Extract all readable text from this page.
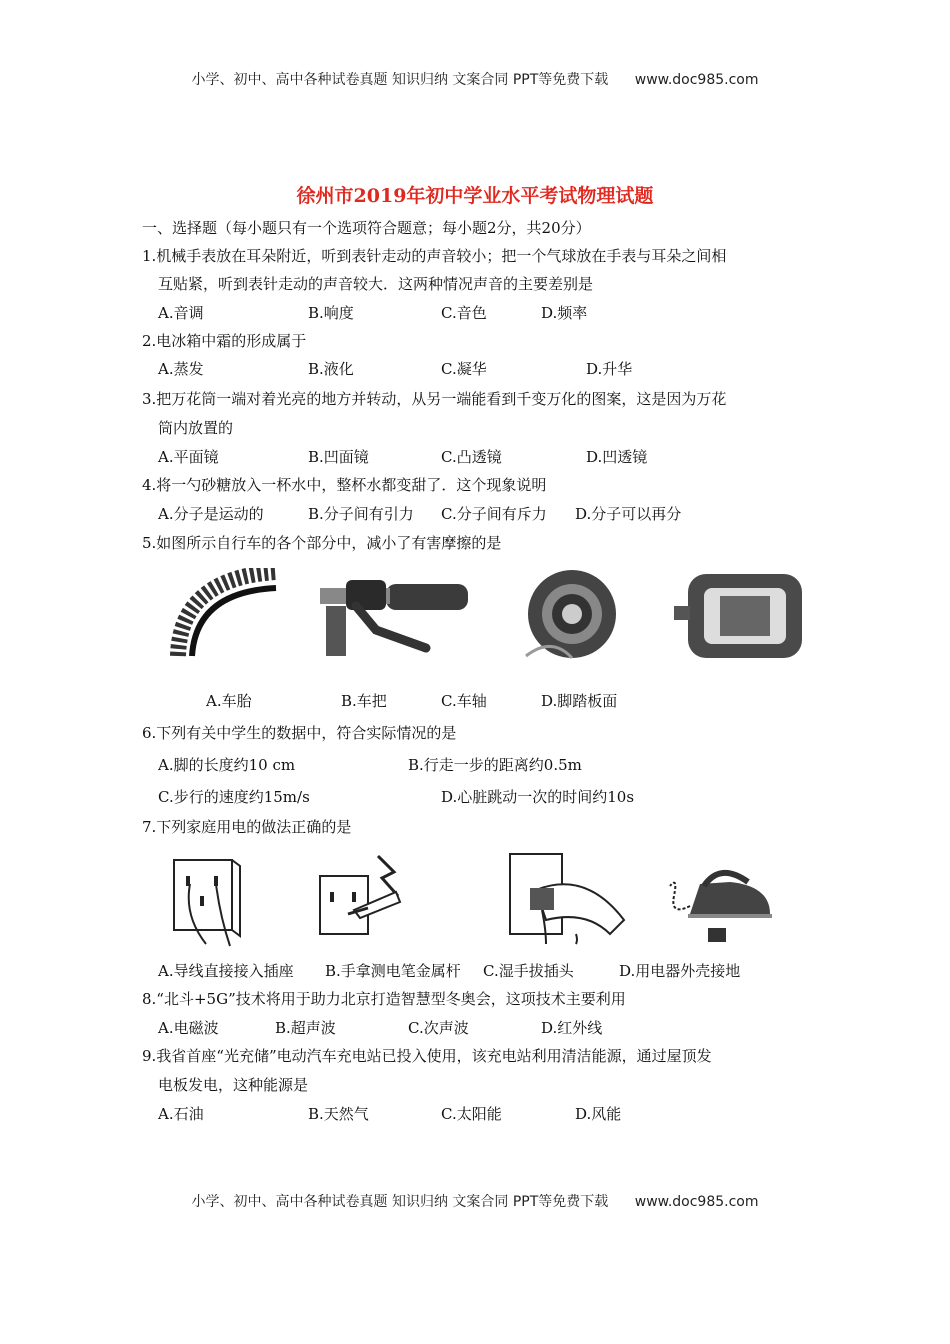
小学、初中、高中各种试卷真题 知识归纳 文案合同 PPT等免费下载 www.doc985.com
徐州市2019年初中学业水平考试物理试题
一、选择题（每小题只有一个选项符合题意；每小题2分，共20分）
1.机械手表放在耳朵附近，听到表针走动的声音较小；把一个气球放在手表与耳朵之间相
互贴紧，听到表针走动的声音较大．这两种情况声音的主要差别是
A.音调	B.响度	C.音色	D.频率
2.电冰箱中霜的形成属于
A.蒸发	B.液化	C.凝华	D.升华
3.把万花筒一端对着光亮的地方并转动，从另一端能看到千变万化的图案，这是因为万花
筒内放置的
A.平面镜	B.凹面镜	C.凸透镜	D.凹透镜
4.将一勺砂糖放入一杯水中，整杯水都变甜了．这个现象说明
A.分子是运动的	B.分子间有引力 C.分子间有斥力 D.分子可以再分
5.如图所示自行车的各个部分中，减小了有害摩擦的是
A.车胎	B.车把	C.车轴	D.脚踏板面
6.下列有关中学生的数据中，符合实际情况的是
A.脚的长度约10 cm	B.行走一步的距离约0.5m
C.步行的速度约15m/s	D.心脏跳动一次的时间约10s
7.下列家庭用电的做法正确的是
A.导线直接接入插座 B.手拿测电笔金属杆 C.湿手拔插头	D.用电器外壳接地
8.“北斗+5G”技术将用于助力北京打造智慧型冬奥会，这项技术主要利用
A.电磁波	B.超声波	C.次声波	D.红外线
9.我省首座“光充储”电动汽车充电站已投入使用，该充电站利用清洁能源，通过屋顶发
电板发电，这种能源是
A.石油	B.天然气	C.太阳能	D.风能
小学、初中、高中各种试卷真题 知识归纳 文案合同 PPT等免费下载 www.doc985.com
